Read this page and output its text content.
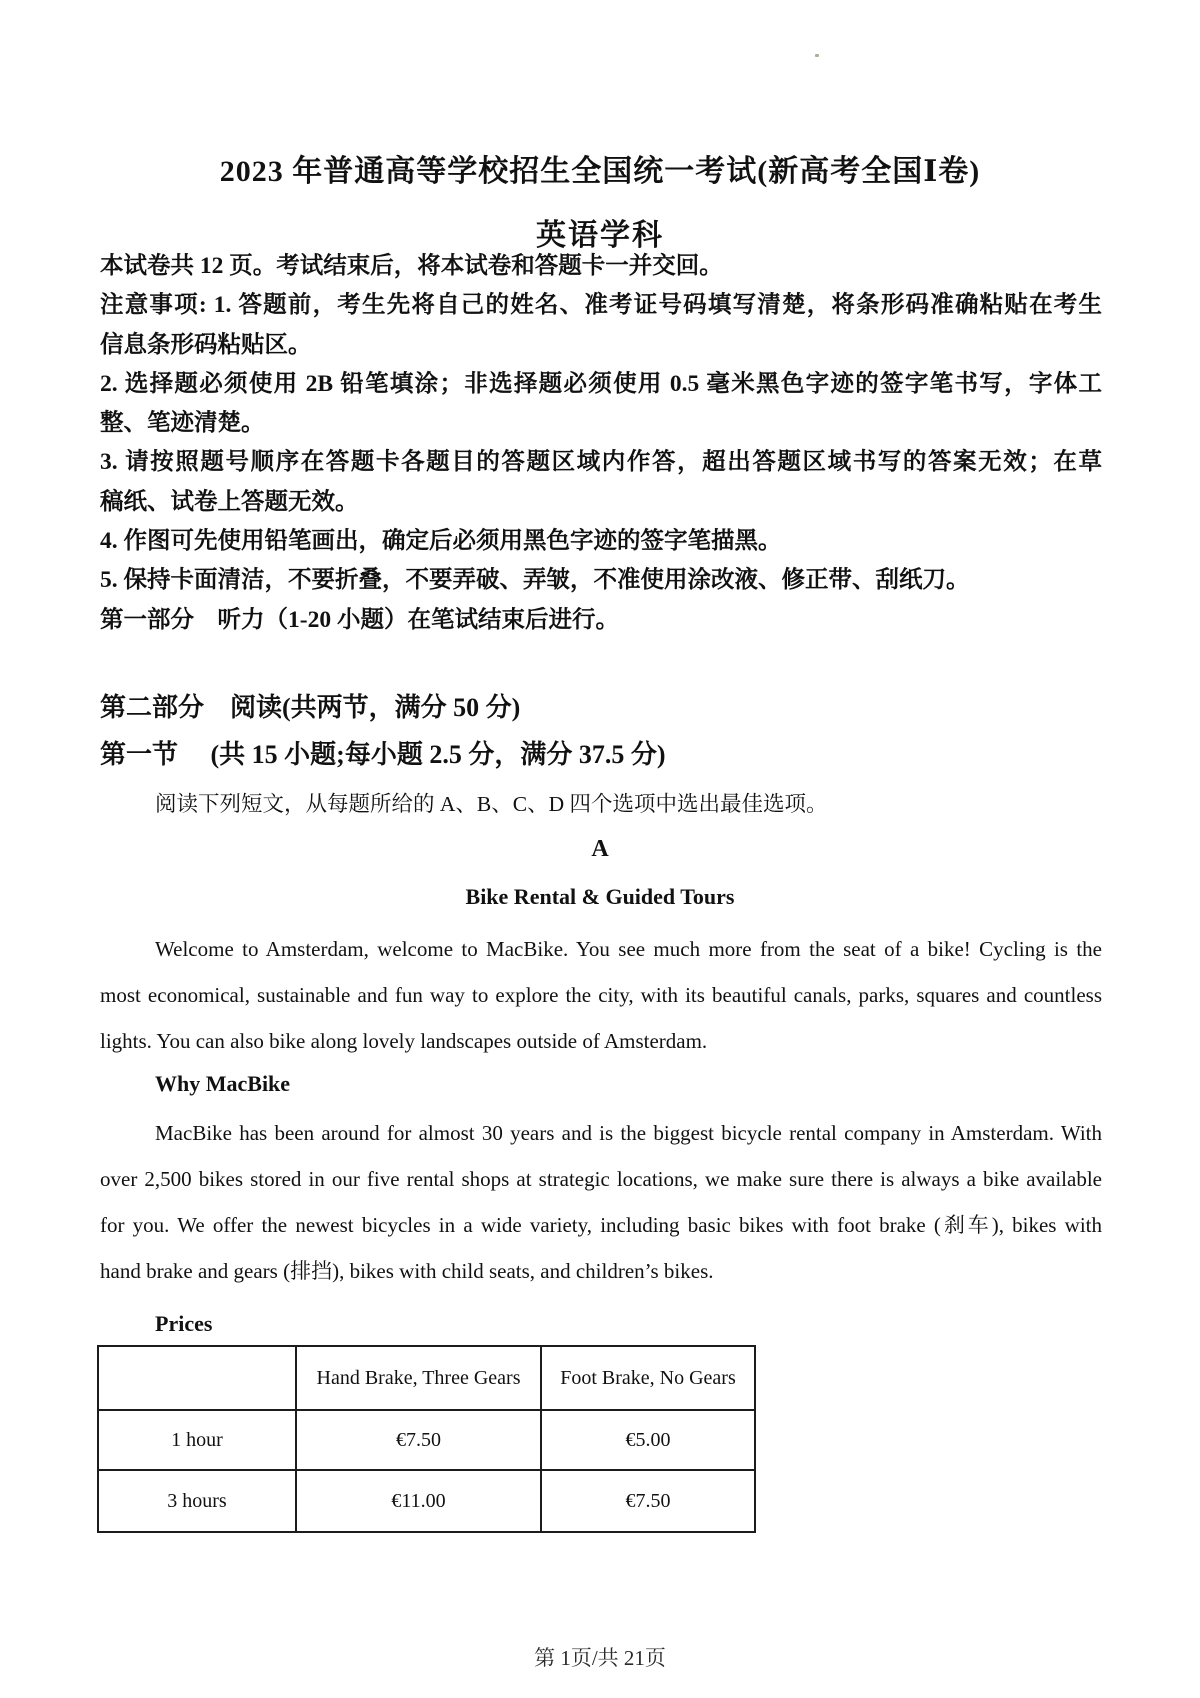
2023 年普通高等学校招生全国统一考试(新高考全国Ⅰ卷)
英语学科
本试卷共 12 页。考试结束后，将本试卷和答题卡一并交回。
注意事项: 1. 答题前，考生先将自己的姓名、准考证号码填写清楚，将条形码准确粘贴在考生
信息条形码粘贴区。
2. 选择题必须使用 2B 铅笔填涂；非选择题必须使用 0.5 毫米黑色字迹的签字笔书写，字体工
整、笔迹清楚。
3. 请按照题号顺序在答题卡各题目的答题区域内作答，超出答题区域书写的答案无效；在草
稿纸、试卷上答题无效。
4. 作图可先使用铅笔画出，确定后必须用黑色字迹的签字笔描黑。
5. 保持卡面清洁，不要折叠，不要弄破、弄皱，不准使用涂改液、修正带、刮纸刀。
第一部分　听力（1-20 小题）在笔试结束后进行。
第二部分　阅读(共两节，满分 50 分)
第一节　 (共 15 小题;每小题 2.5 分，满分 37.5 分)
阅读下列短文，从每题所给的 A、B、C、D 四个选项中选出最佳选项。
A
Bike Rental & Guided Tours
Welcome to Amsterdam, welcome to MacBike. You see much more from the seat of a bike! Cycling is the
most economical, sustainable and fun way to explore the city, with its beautiful canals, parks, squares and countless
lights. You can also bike along lovely landscapes outside of Amsterdam.
Why MacBike
MacBike has been around for almost 30 years and is the biggest bicycle rental company in Amsterdam. With
over 2,500 bikes stored in our five rental shops at strategic locations, we make sure there is always a bike available
for you. We offer the newest bicycles in a wide variety, including basic bikes with foot brake (刹车), bikes with
hand brake and gears (排挡), bikes with child seats, and children’s bikes.
Prices
	Hand Brake, Three Gears	Foot Brake, No Gears
1 hour	€7.50	€5.00
3 hours	€11.00	€7.50
第 1页/共 21页
